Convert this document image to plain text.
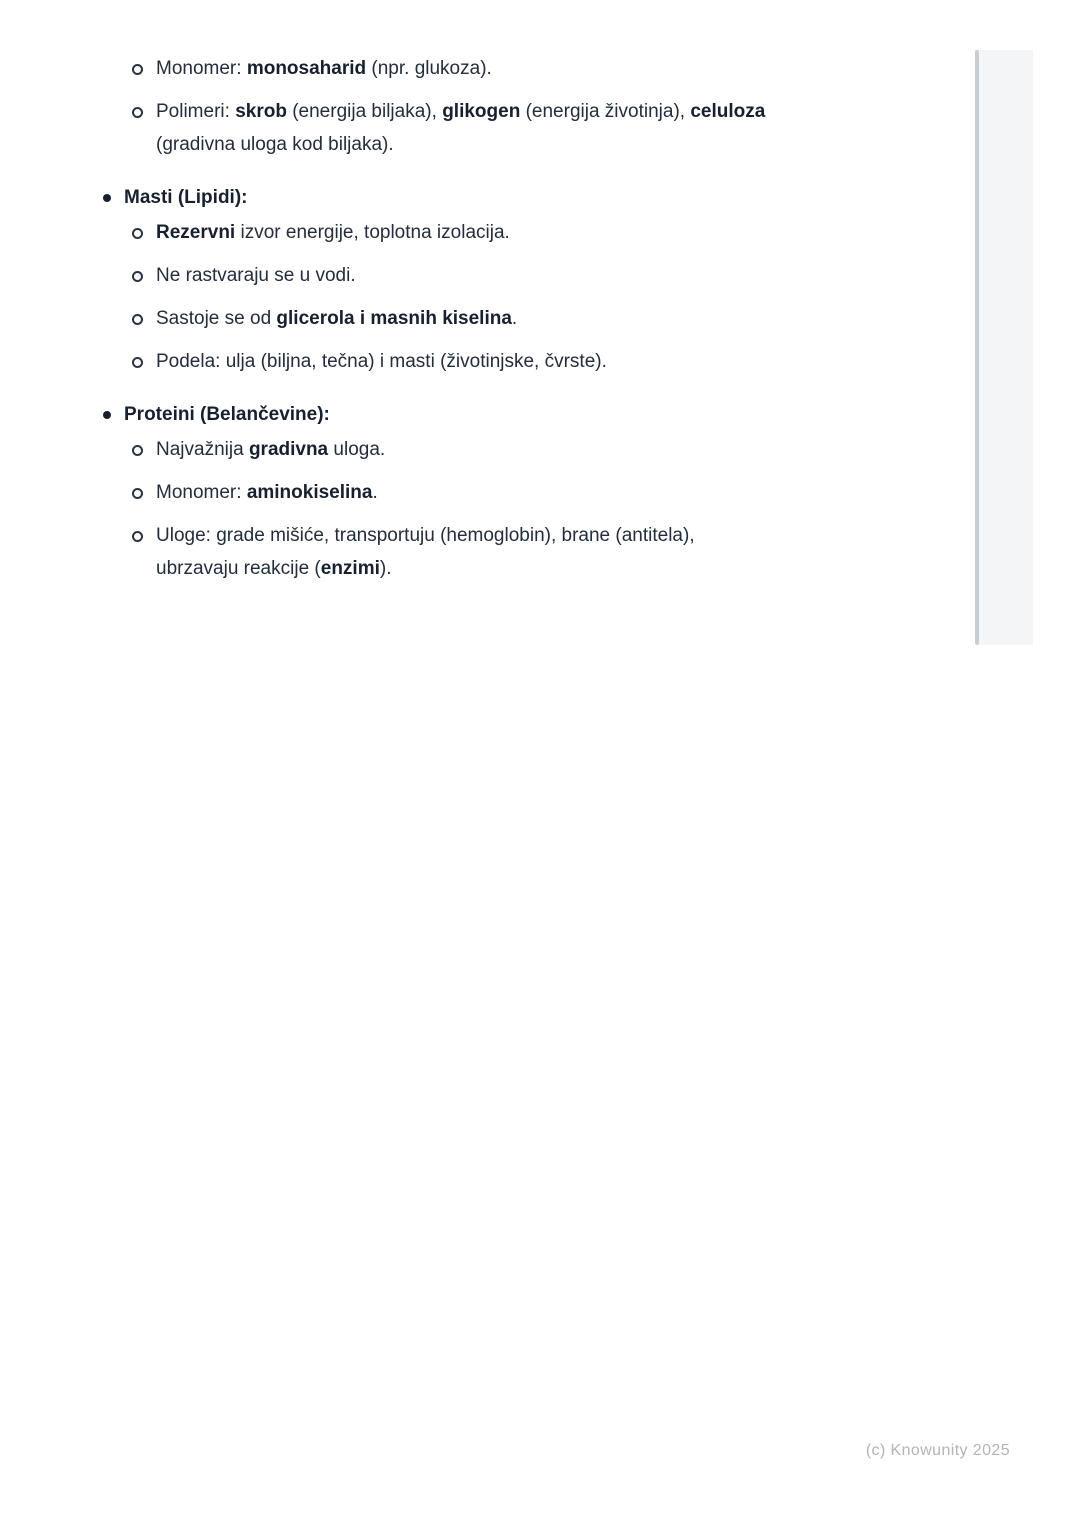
Monomer: monosaharid (npr. glukoza).
Polimeri: skrob (energija biljaka), glikogen (energija životinja), celuloza
(gradivna uloga kod biljaka).
Masti (Lipidi):
Rezervni izvor energije, toplotna izolacija.
Ne rastvaraju se u vodi.
Sastoje se od glicerola i masnih kiselina.
Podela: ulja (biljna, tečna) i masti (životinjske, čvrste).
Proteini (Belančevine):
Najvažnija gradivna uloga.
Monomer: aminokiselina.
Uloge: grade mišiće, transportuju (hemoglobin), brane (antitela),
ubrzavaju reakcije (enzimi).
(c) Knowunity 2025
